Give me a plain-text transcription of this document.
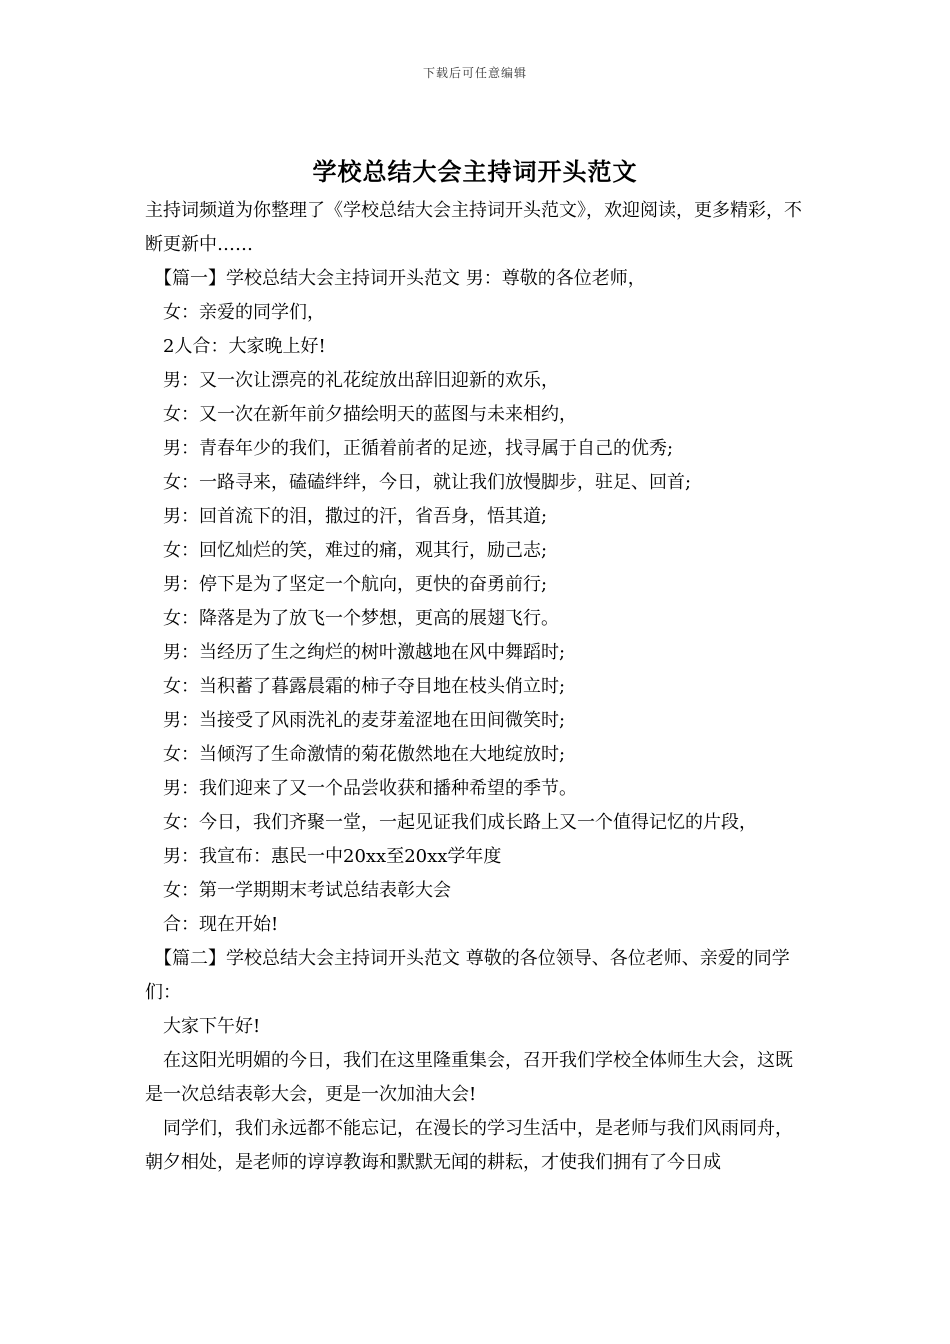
下载后可任意编辑
学校总结大会主持词开头范文

主持词频道为你整理了《学校总结大会主持词开头范文》，欢迎阅读，更多精彩，不断更新中……

【篇一】学校总结大会主持词开头范文 男：尊敬的各位老师，

女：亲爱的同学们，

2人合：大家晚上好!

男：又一次让漂亮的礼花绽放出辞旧迎新的欢乐，

女：又一次在新年前夕描绘明天的蓝图与未来相约，

男：青春年少的我们，正循着前者的足迹，找寻属于自己的优秀;

女：一路寻来，磕磕绊绊，今日，就让我们放慢脚步，驻足、回首;

男：回首流下的泪，撒过的汗，省吾身，悟其道;

女：回忆灿烂的笑，难过的痛，观其行，励己志;

男：停下是为了坚定一个航向，更快的奋勇前行;

女：降落是为了放飞一个梦想，更高的展翅飞行。

男：当经历了生之绚烂的树叶激越地在风中舞蹈时;

女：当积蓄了暮露晨霜的柿子夺目地在枝头俏立时;

男：当接受了风雨洗礼的麦芽羞涩地在田间微笑时;

女：当倾泻了生命激情的菊花傲然地在大地绽放时;

男：我们迎来了又一个品尝收获和播种希望的季节。

女：今日，我们齐聚一堂，一起见证我们成长路上又一个值得记忆的片段，

男：我宣布：惠民一中20xx至20xx学年度

女：第一学期期末考试总结表彰大会

合：现在开始!

【篇二】学校总结大会主持词开头范文 尊敬的各位领导、各位老师、亲爱的同学们：

大家下午好!

在这阳光明媚的今日，我们在这里隆重集会，召开我们学校全体师生大会，这既是一次总结表彰大会，更是一次加油大会!

同学们，我们永远都不能忘记，在漫长的学习生活中，是老师与我们风雨同舟，朝夕相处，是老师的谆谆教诲和默默无闻的耕耘，才使我们拥有了今日成
